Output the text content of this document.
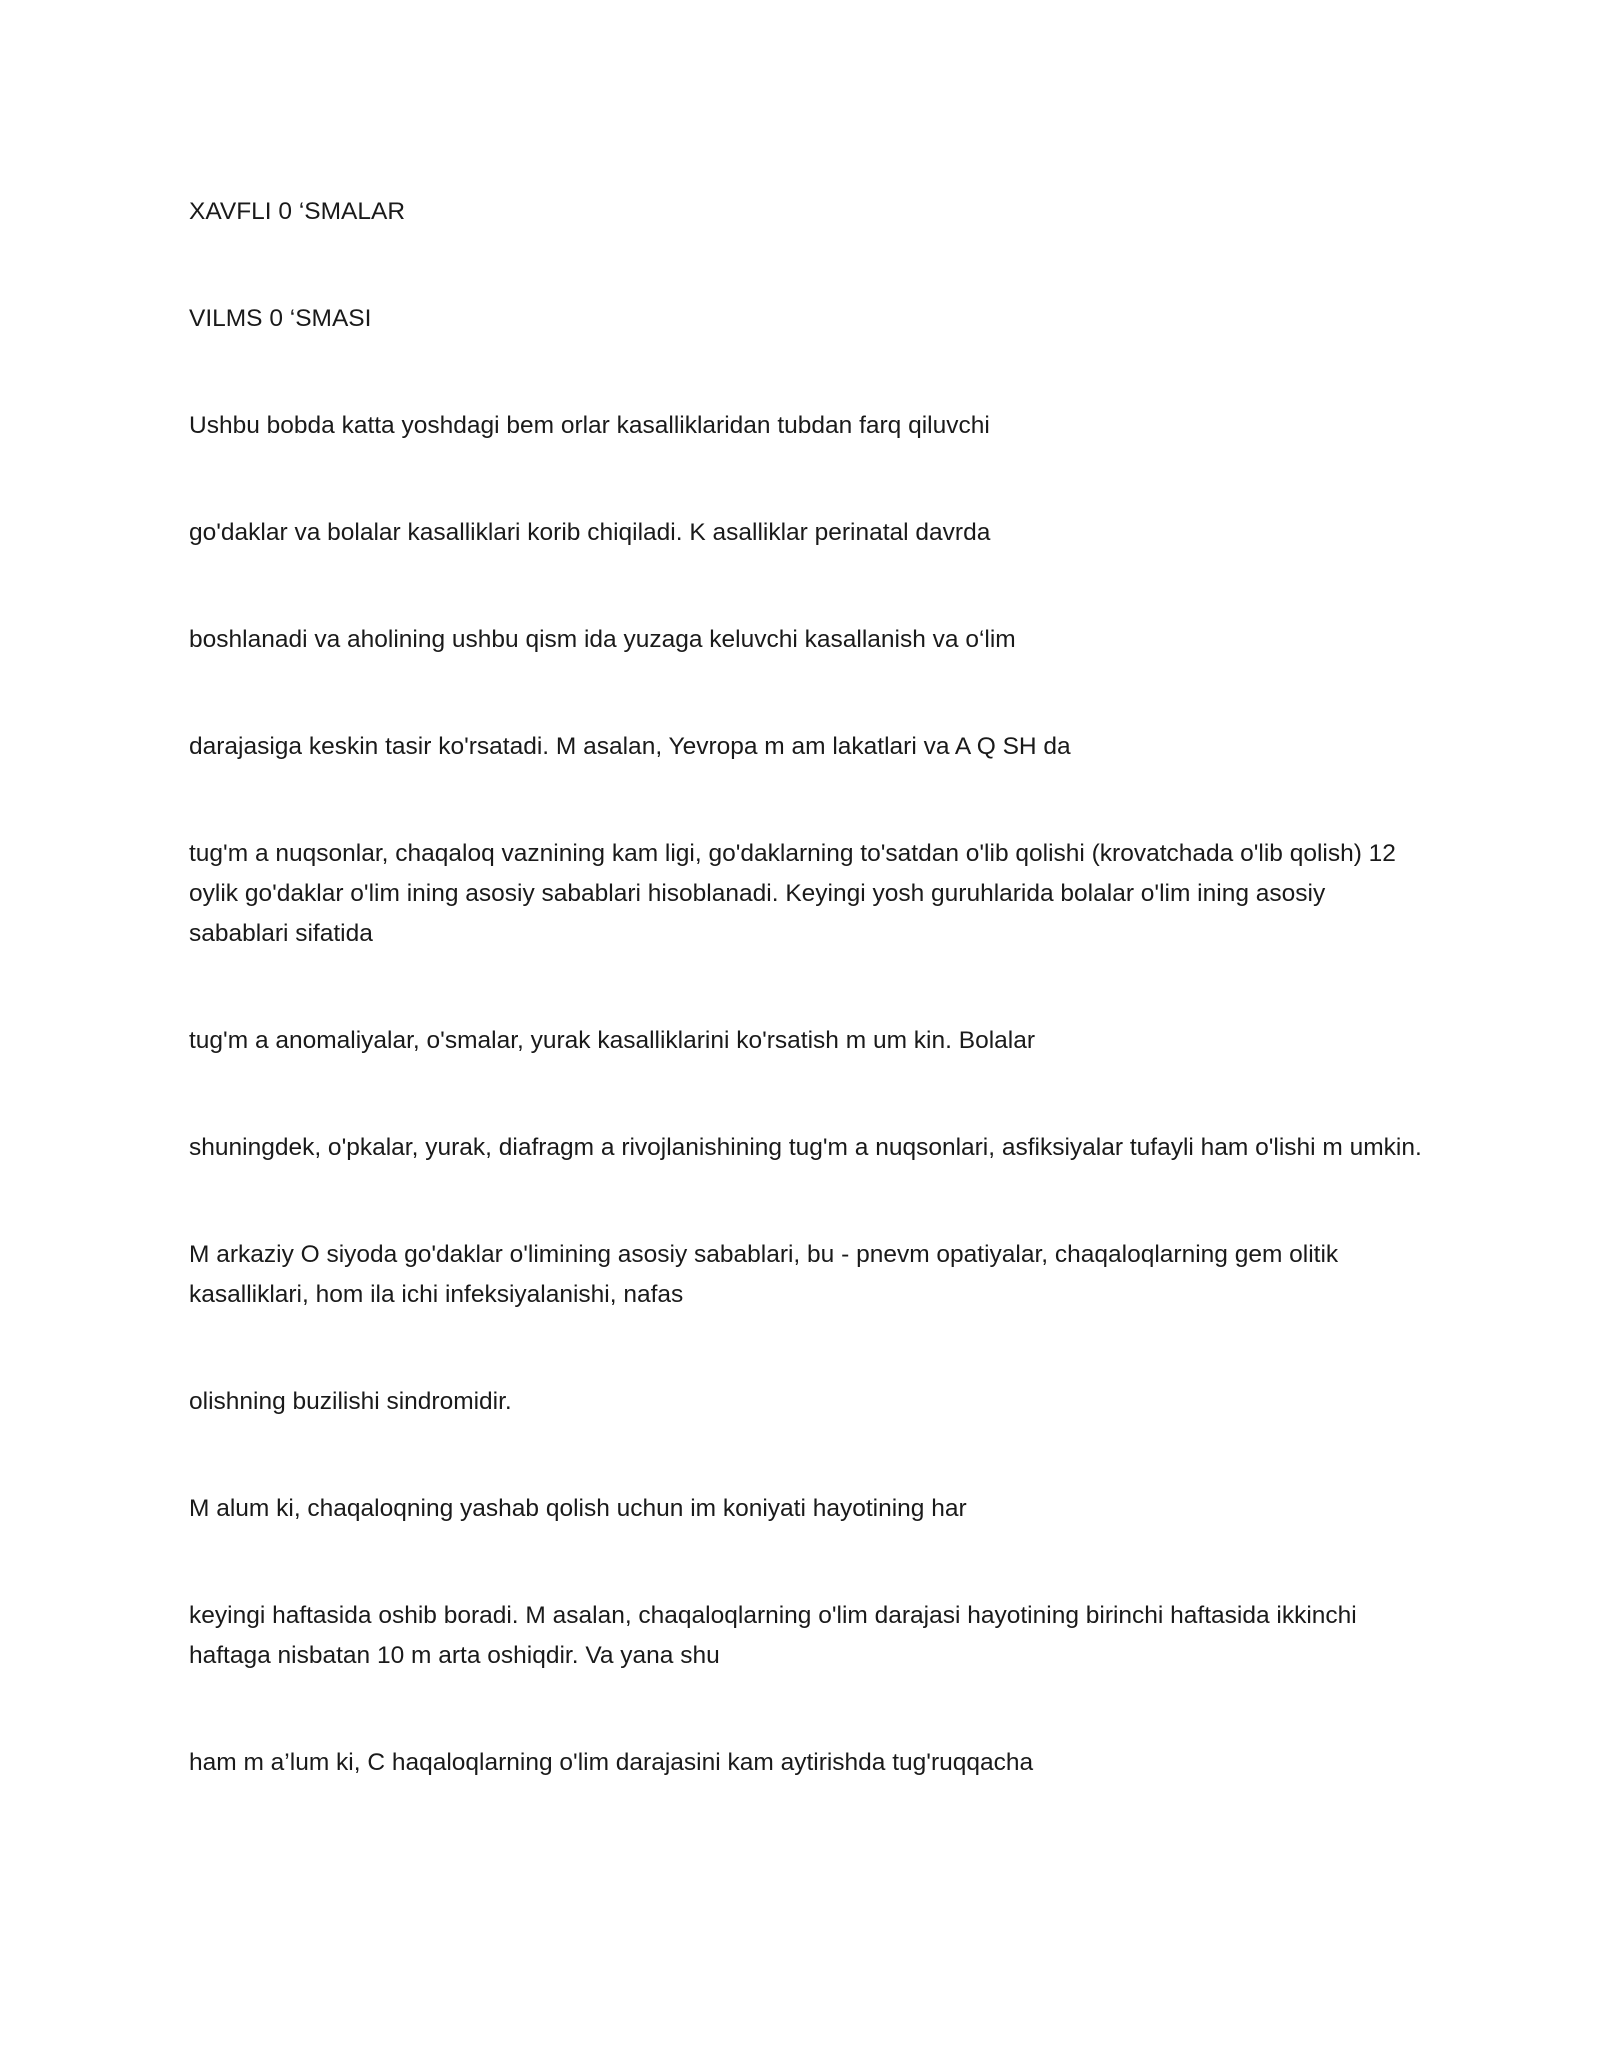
XAVFLI 0 ‘SMALAR

VILMS 0 ‘SMASI

Ushbu bobda katta yoshdagi bem orlar kasalliklaridan tubdan farq qiluvchi

go'daklar va bolalar kasalliklari korib chiqiladi. K asalliklar perinatal davrda

boshlanadi va aholining ushbu qism ida yuzaga keluvchi kasallanish va o‘lim

darajasiga keskin tasir ko'rsatadi. M asalan, Yevropa m am lakatlari va A Q SH da

tug'm a nuqsonlar, chaqaloq vaznining kam ligi, go'daklarning to'satdan o'lib qolishi (krovatchada o'lib qolish) 12 oylik go'daklar o'lim ining asosiy sabablari hisoblanadi. Keyingi yosh guruhlarida bolalar o'lim ining asosiy sabablari sifatida

tug'm a anomaliyalar, o'smalar, yurak kasalliklarini ko'rsatish m um kin. Bolalar

shuningdek, o'pkalar, yurak, diafragm a rivojlanishining tug'm a nuqsonlari, asfiksiyalar tufayli ham o'lishi m umkin.

M arkaziy O siyoda go'daklar o'limining asosiy sabablari, bu - pnevm opatiyalar, chaqaloqlarning gem olitik kasalliklari, hom ila ichi infeksiyalanishi, nafas

olishning buzilishi sindromidir.

M alum ki, chaqaloqning yashab qolish uchun im koniyati hayotining har

keyingi haftasida oshib boradi. M asalan, chaqaloqlarning o'lim darajasi hayotining birinchi haftasida ikkinchi haftaga nisbatan 10 m arta oshiqdir. Va yana shu

ham m a’lum ki, C haqaloqlarning o'lim darajasini kam aytirishda tug'ruqqacha
